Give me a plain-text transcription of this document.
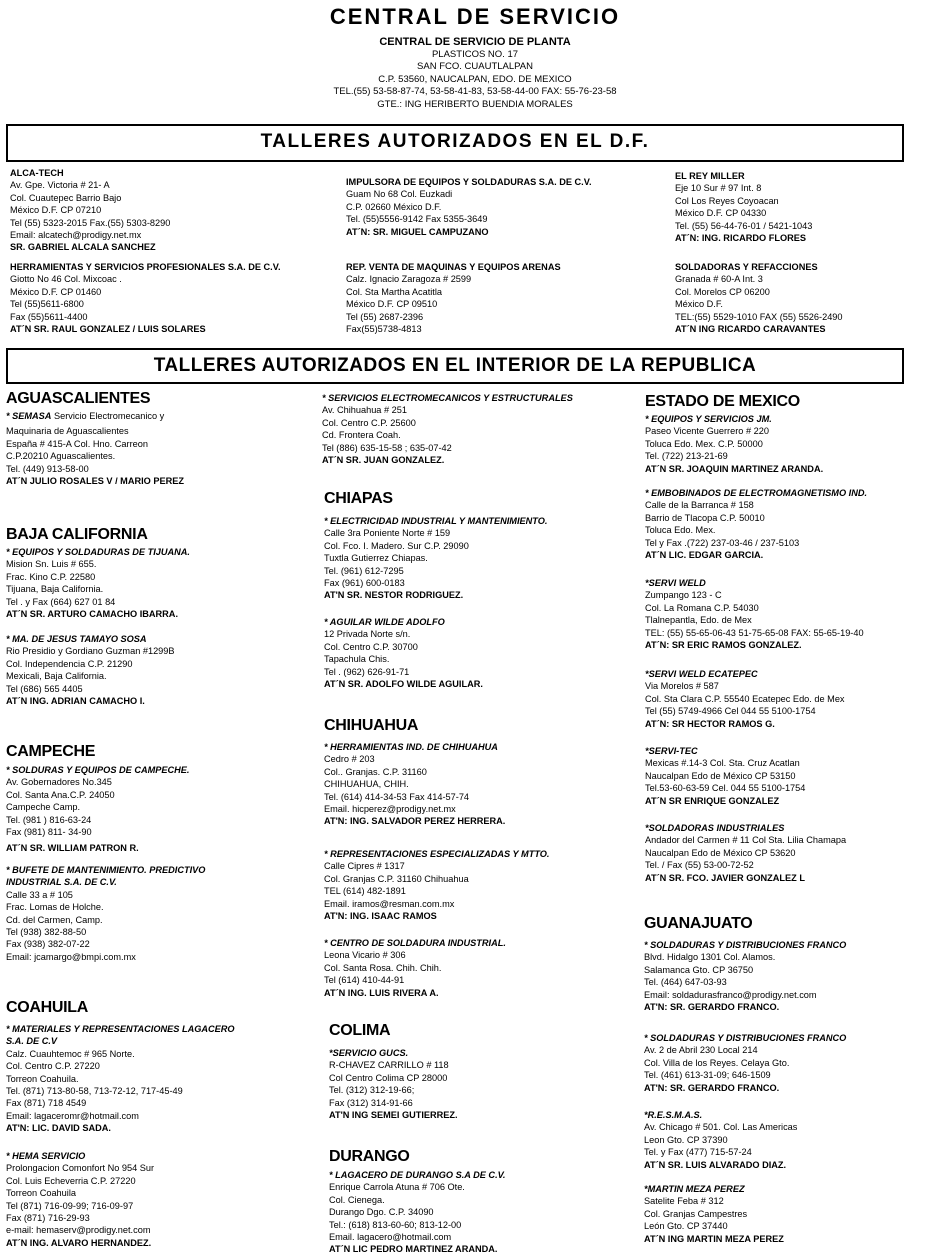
CENTRAL DE SERVICIO
CENTRAL DE SERVICIO DE PLANTA
PLASTICOS NO. 17
SAN FCO. CUAUTLALPAN
C.P. 53560, NAUCALPAN, EDO. DE MEXICO
TEL.(55) 53-58-87-74, 53-58-41-83, 53-58-44-00 FAX: 55-76-23-58
GTE.: ING HERIBERTO BUENDIA MORALES
TALLERES AUTORIZADOS EN EL D.F.
ALCA-TECH
Av. Gpe. Victoria # 21- A
Col. Cuautepec Barrio Bajo
México D.F. CP 07210
Tel (55) 5323-2015 Fax.(55) 5303-8290
Email: alcatech@prodigy.net.mx
SR. GABRIEL ALCALA SANCHEZ
IMPULSORA DE EQUIPOS Y SOLDADURAS S.A. DE C.V.
Guam No 68 Col. Euzkadi
C.P. 02660 México D.F.
Tel. (55)5556-9142 Fax 5355-3649
AT´N: SR. MIGUEL CAMPUZANO
EL REY MILLER
Eje 10 Sur # 97 Int. 8
Col Los Reyes Coyoacan
México D.F. CP 04330
Tel. (55) 56-44-76-01 / 5421-1043
AT´N: ING. RICARDO FLORES
HERRAMIENTAS Y SERVICIOS PROFESIONALES S.A. DE C.V.
Giotto No 46 Col. Mixcoac .
México D.F. CP 01460
Tel (55)5611-6800
Fax (55)5611-4400
AT´N SR. RAUL GONZALEZ / LUIS SOLARES
REP. VENTA DE MAQUINAS Y EQUIPOS ARENAS
Calz. Ignacio Zaragoza # 2599
Col. Sta Martha Acatitla
México D.F. CP 09510
Tel (55) 2687-2396
Fax(55)5738-4813
SOLDADORAS Y REFACCIONES
Granada # 60-A Int. 3
Col. Morelos CP 06200
México D.F.
TEL:(55) 5529-1010 FAX (55) 5526-2490
AT´N ING RICARDO CARAVANTES
TALLERES AUTORIZADOS EN EL INTERIOR DE LA REPUBLICA
AGUASCALIENTES
* SEMASA Servicio Electromecanico y
Maquinaria de Aguascalientes
España # 415-A Col. Hno. Carreon
C.P.20210 Aguascalientes.
Tel. (449) 913-58-00
AT´N JULIO ROSALES V / MARIO PEREZ
BAJA CALIFORNIA
* EQUIPOS Y SOLDADURAS DE TIJUANA.
Mision Sn. Luis # 655.
Frac. Kino C.P. 22580
Tijuana, Baja California.
Tel . y Fax (664) 627 01 84
AT´N SR. ARTURO CAMACHO IBARRA.
* MA. DE JESUS TAMAYO SOSA
Rio Presidio y Gordiano Guzman #1299B
Col. Independencia C.P. 21290
Mexicali, Baja California.
Tel (686) 565 4405
AT´N ING. ADRIAN CAMACHO I.
CAMPECHE
* SOLDURAS Y EQUIPOS DE CAMPECHE.
Av. Gobernadores No.345
Col. Santa Ana.C.P. 24050
Campeche Camp.
Tel. (981 ) 816-63-24
Fax (981) 811- 34-90
AT´N SR. WILLIAM PATRON R.
* BUFETE DE MANTENIMIENTO. PREDICTIVO
INDUSTRIAL S.A. DE C.V.
Calle 33 a # 105
Frac. Lomas de Holche.
Cd. del Carmen, Camp.
Tel (938) 382-88-50
Fax (938) 382-07-22
Email: jcamargo@bmpi.com.mx
COAHUILA
* MATERIALES Y REPRESENTACIONES LAGACERO
S.A. DE C.V
Calz. Cuauhtemoc # 965 Norte.
Col. Centro C.P. 27220
Torreon Coahuila.
Tel. (871) 713-80-58, 713-72-12, 717-45-49
Fax (871) 718 4549
Email: lagaceromr@hotmail.com
AT'N: LIC. DAVID SADA.
* HEMA SERVICIO
Prolongacion Comonfort No 954 Sur
Col. Luis Echeverria C.P. 27220
Torreon Coahuila
Tel (871) 716-09-99; 716-09-97
Fax (871) 716-29-93
e-mail: hemaserv@prodigy.net.com
AT´N ING. ALVARO HERNANDEZ.
* SERVICIOS ELECTROMECANICOS Y ESTRUCTURALES
Av. Chihuahua # 251
Col. Centro C.P. 25600
Cd. Frontera Coah.
Tel (886) 635-15-58 ; 635-07-42
AT´N SR. JUAN GONZALEZ.
CHIAPAS
* ELECTRICIDAD INDUSTRIAL Y MANTENIMIENTO.
Calle 3ra Poniente Norte # 159
Col. Fco. I. Madero. Sur C.P. 29090
Tuxtla Gutierrez Chiapas.
Tel. (961) 612-7295
Fax (961) 600-0183
AT'N SR. NESTOR RODRIGUEZ.
* AGUILAR WILDE ADOLFO
12 Privada Norte s/n.
Col. Centro C.P. 30700
Tapachula Chis.
Tel . (962) 626-91-71
AT´N SR. ADOLFO WILDE AGUILAR.
CHIHUAHUA
* HERRAMIENTAS IND. DE CHIHUAHUA
Cedro # 203
Col.. Granjas. C.P. 31160
CHIHUAHUA, CHIH.
Tel. (614) 414-34-53 Fax 414-57-74
Email. hicperez@prodigy.net.mx
AT'N: ING. SALVADOR PEREZ HERRERA.
* REPRESENTACIONES ESPECIALIZADAS Y MTTO.
Calle Cipres # 1317
Col. Granjas C.P. 31160 Chihuahua
TEL (614) 482-1891
Email. iramos@resman.com.mx
AT'N: ING. ISAAC RAMOS
* CENTRO DE SOLDADURA INDUSTRIAL.
Leona Vicario # 306
Col. Santa Rosa. Chih. Chih.
Tel (614) 410-44-91
AT´N ING. LUIS RIVERA A.
COLIMA
*SERVICIO GUCS.
R-CHAVEZ CARRILLO # 118
Col Centro Colima CP 28000
Tel. (312) 312-19-66;
Fax (312) 314-91-66
AT'N ING SEMEI GUTIERREZ.
DURANGO
* LAGACERO DE DURANGO S.A DE C.V.
Enrique Carrola Atuna # 706 Ote.
Col. Cienega.
Durango Dgo. C.P. 34090
Tel.: (618) 813-60-60; 813-12-00
Email. lagacero@hotmail.com
AT´N LIC PEDRO MARTINEZ ARANDA.
ESTADO DE MEXICO
* EQUIPOS Y SERVICIOS JM.
Paseo Vicente Guerrero # 220
Toluca Edo. Mex. C.P. 50000
Tel. (722) 213-21-69
AT´N SR. JOAQUIN MARTINEZ ARANDA.
* EMBOBINADOS DE ELECTROMAGNETISMO IND.
Calle de la Barranca # 158
Barrio de Tlacopa C.P. 50010
Toluca Edo. Mex.
Tel y Fax .(722) 237-03-46 / 237-5103
AT´N LIC. EDGAR GARCIA.
*SERVI WELD
Zumpango 123 - C
Col. La Romana C.P. 54030
Tlalnepantla, Edo. de Mex
TEL: (55) 55-65-06-43 51-75-65-08 FAX: 55-65-19-40
AT´N: SR ERIC RAMOS GONZALEZ.
*SERVI WELD ECATEPEC
Via Morelos # 587
Col. Sta Clara C.P. 55540 Ecatepec Edo. de Mex
Tel (55) 5749-4966 Cel 044 55 5100-1754
AT´N: SR HECTOR RAMOS G.
*SERVI-TEC
Mexicas #.14-3 Col. Sta. Cruz Acatlan
Naucalpan Edo de México CP 53150
Tel.53-60-63-59 Cel. 044 55 5100-1754
AT´N SR ENRIQUE GONZALEZ
*SOLDADORAS INDUSTRIALES
Andador del Carmen # 11 Col Sta. Lilia Chamapa
Naucalpan Edo de México CP 53620
Tel. / Fax (55) 53-00-72-52
AT´N SR. FCO. JAVIER GONZALEZ L
GUANAJUATO
* SOLDADURAS Y DISTRIBUCIONES FRANCO
Blvd. Hidalgo 1301 Col. Alamos.
Salamanca Gto. CP 36750
Tel. (464) 647-03-93
Email: soldadurasfranco@prodigy.net.com
AT'N: SR. GERARDO FRANCO.
* SOLDADURAS Y DISTRIBUCIONES FRANCO
Av. 2 de Abril 230 Local 214
Col. Villa de los Reyes. Celaya Gto.
Tel. (461) 613-31-09; 646-1509
AT'N: SR. GERARDO FRANCO.
*R.E.S.M.A.S.
Av. Chicago # 501. Col. Las Americas
Leon Gto. CP 37390
Tel. y Fax (477) 715-57-24
AT´N SR. LUIS ALVARADO DIAZ.
*MARTIN MEZA PEREZ
Satelite Feba # 312
Col. Granjas Campestres
León Gto. CP 37440
AT´N ING MARTIN MEZA PEREZ
